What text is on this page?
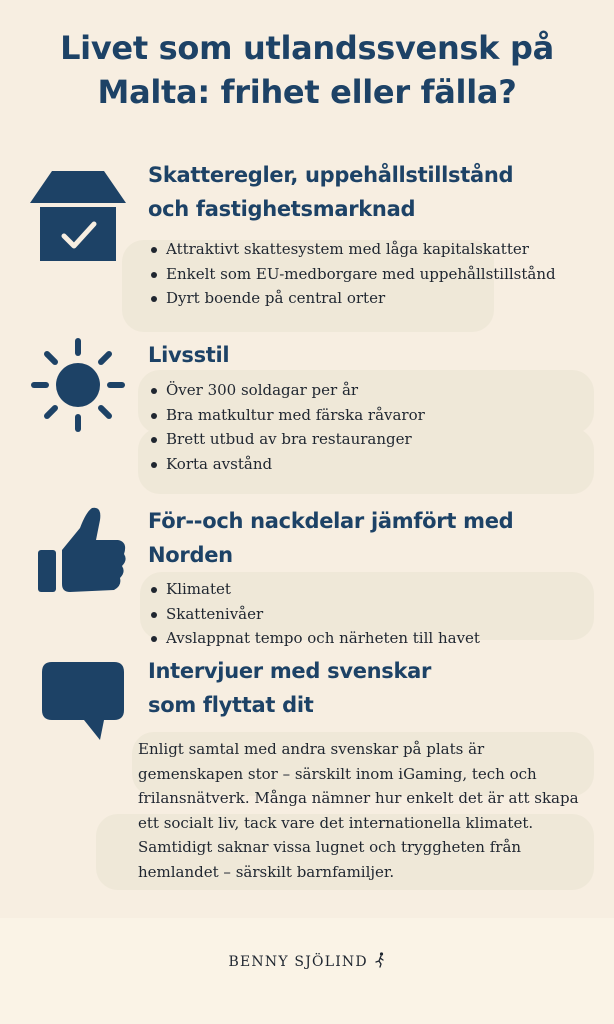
Livet som utlandssvensk på
Malta: frihet eller fälla?
Skatteregler, uppehållstillstånd
och fastighetsmarknad
Attraktivt skattesystem med låga kapitalskatter
Enkelt som EU-medborgare med uppehållstillstånd
Dyrt boende på central orter
Livsstil
Över 300 soldagar per år
Bra matkultur med färska råvaror
Brett utbud av bra restauranger
Korta avstånd
För--och nackdelar jämfört med
Norden
Klimatet
Skattenivåer
Avslappnat tempo och närheten till havet
Intervjuer med svenskar
som flyttat dit
Enligt samtal med andra svenskar på plats är
gemenskapen stor – särskilt inom iGaming, tech och
frilansnätverk. Många nämner hur enkelt det är att skapa
ett socialt liv, tack vare det internationella klimatet.
Samtidigt saknar vissa lugnet och tryggheten från
hemlandet – särskilt barnfamiljer.
BENNY SJÖLIND
